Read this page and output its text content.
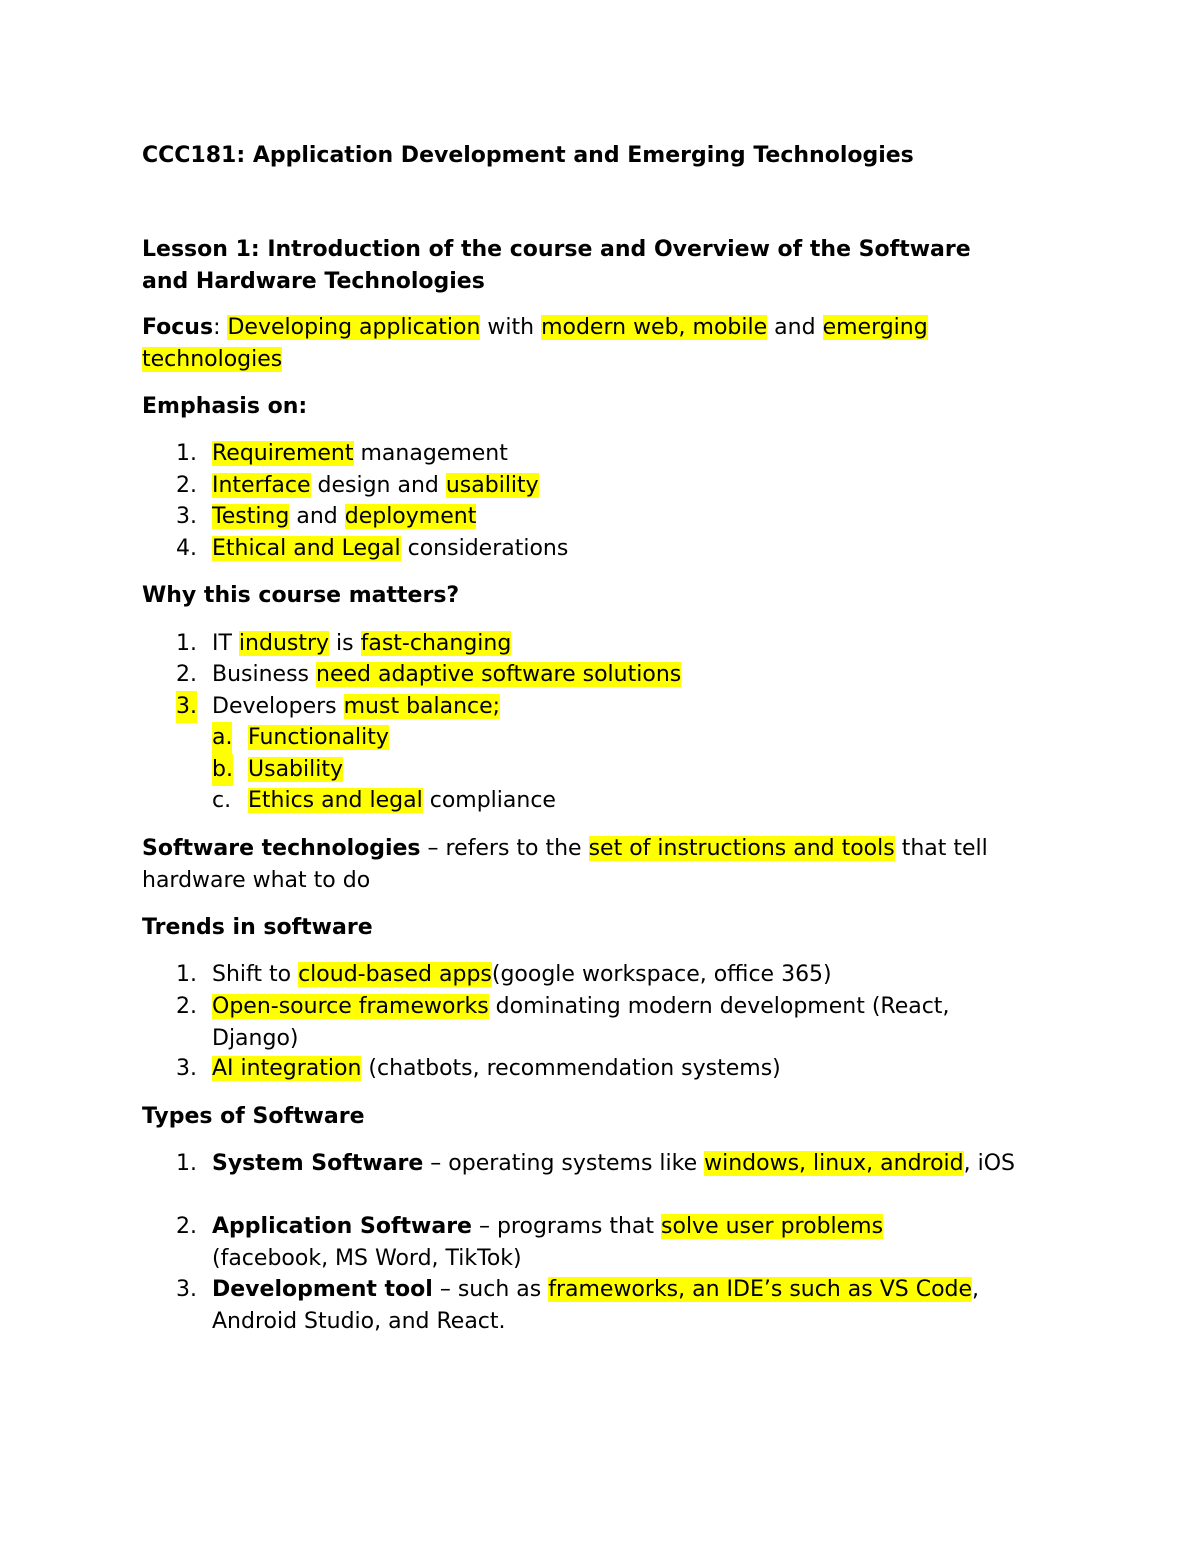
CCC181: Application Development and Emerging Technologies
Lesson 1: Introduction of the course and Overview of the Software
and Hardware Technologies
Focus: Developing application with modern web, mobile and emerging
technologies
Emphasis on:
1. Requirement management
2. Interface design and usability
3. Testing and deployment
4. Ethical and Legal considerations
Why this course matters?
1. IT industry is fast-changing
2. Business need adaptive software solutions
3. Developers must balance;
a. Functionality
b. Usability
c. Ethics and legal compliance
Software technologies – refers to the set of instructions and tools that tell hardware what to do
Trends in software
1. Shift to cloud-based apps(google workspace, office 365)
2. Open-source frameworks dominating modern development (React, Django)
3. AI integration (chatbots, recommendation systems)
Types of Software
1. System Software – operating systems like windows, linux, android, iOS
2. Application Software – programs that solve user problems (facebook, MS Word, TikTok)
3. Development tool – such as frameworks, an IDE’s such as VS Code, Android Studio, and React.
